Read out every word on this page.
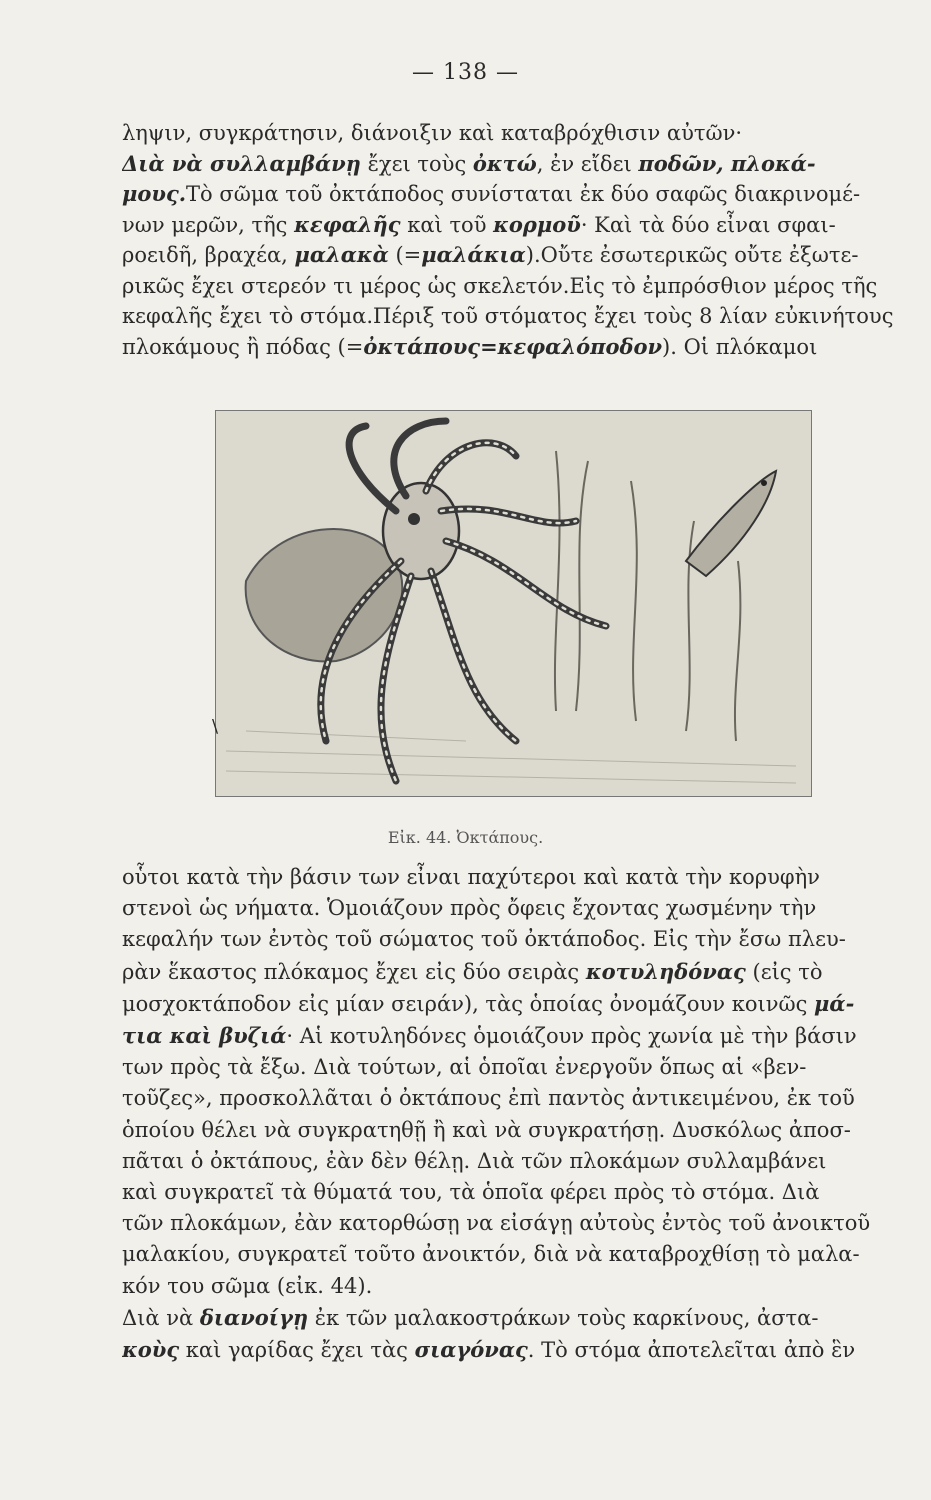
— 138 —
ληψιν, συγκράτησιν, διάνοιξιν καὶ καταβρόχθισιν αὐτῶν·
Διὰ νὰ συλλαμβάνῃ ἔχει τοὺς ὀκτώ, ἐν εἴδει ποδῶν, πλοκά-
μους.Τὸ σῶμα τοῦ ὀκτάποδος συνίσταται ἐκ δύο σαφῶς διακρινομέ-
νων μερῶν, τῆς κεφαλῆς καὶ τοῦ κορμοῦ· Καὶ τὰ δύο εἶναι σφαι-
ροειδῆ, βραχέα, μαλακὰ (=μαλάκια).Οὔτε ἐσωτερικῶς οὔτε ἐξωτε-
ρικῶς ἔχει στερεόν τι μέρος ὡς σκελετόν.Εἰς τὸ ἐμπρόσθιον μέρος τῆς
κεφαλῆς ἔχει τὸ στόμα.Πέριξ τοῦ στόματος ἔχει τοὺς 8 λίαν εὐκινήτους
πλοκάμους ἢ πόδας (=ὀκτάπους=κεφαλόποδον). Οἱ πλόκαμοι
\
Εἰκ. 44. Ὀκτάπους.
οὗτοι κατὰ τὴν βάσιν των εἶναι παχύτεροι καὶ κατὰ τὴν κορυφὴν
στενοὶ ὡς νήματα. Ὁμοιάζουν πρὸς ὄφεις ἔχοντας χωσμένην τὴν
κεφαλήν των ἐντὸς τοῦ σώματος τοῦ ὀκτάποδος. Εἰς τὴν ἔσω πλευ-
ρὰν ἕκαστος πλόκαμος ἔχει εἰς δύο σειρὰς κοτυληδόνας (εἰς τὸ
μοσχοκτάποδον εἰς μίαν σειράν), τὰς ὁποίας ὀνομάζουν κοινῶς μά-
τια καὶ βυζιά· Αἱ κοτυληδόνες ὁμοιάζουν πρὸς χωνία μὲ τὴν βάσιν
των πρὸς τὰ ἔξω. Διὰ τούτων, αἱ ὁποῖαι ἐνεργοῦν ὅπως αἱ «βεν-
τοῦζες», προσκολλᾶται ὁ ὀκτάπους ἐπὶ παντὸς ἀντικειμένου, ἐκ τοῦ
ὁποίου θέλει νὰ συγκρατηθῇ ἢ καὶ νὰ συγκρατήσῃ. Δυσκόλως ἀποσ-
πᾶται ὁ ὀκτάπους, ἐὰν δὲν θέλῃ. Διὰ τῶν πλοκάμων συλλαμβάνει
καὶ συγκρατεῖ τὰ θύματά του, τὰ ὁποῖα φέρει πρὸς τὸ στόμα. Διὰ
τῶν πλοκάμων, ἐὰν κατορθώσῃ να εἰσάγῃ αὐτοὺς ἐντὸς τοῦ ἀνοικτοῦ
μαλακίου, συγκρατεῖ τοῦτο ἀνοικτόν, διὰ νὰ καταβροχθίσῃ τὸ μαλα-
κόν του σῶμα (εἰκ. 44).
Διὰ νὰ διανοίγῃ ἐκ τῶν μαλακοστράκων τοὺς καρκίνους, ἀστα-
κοὺς καὶ γαρίδας ἔχει τὰς σιαγόνας. Τὸ στόμα ἀποτελεῖται ἀπὸ ἓν
